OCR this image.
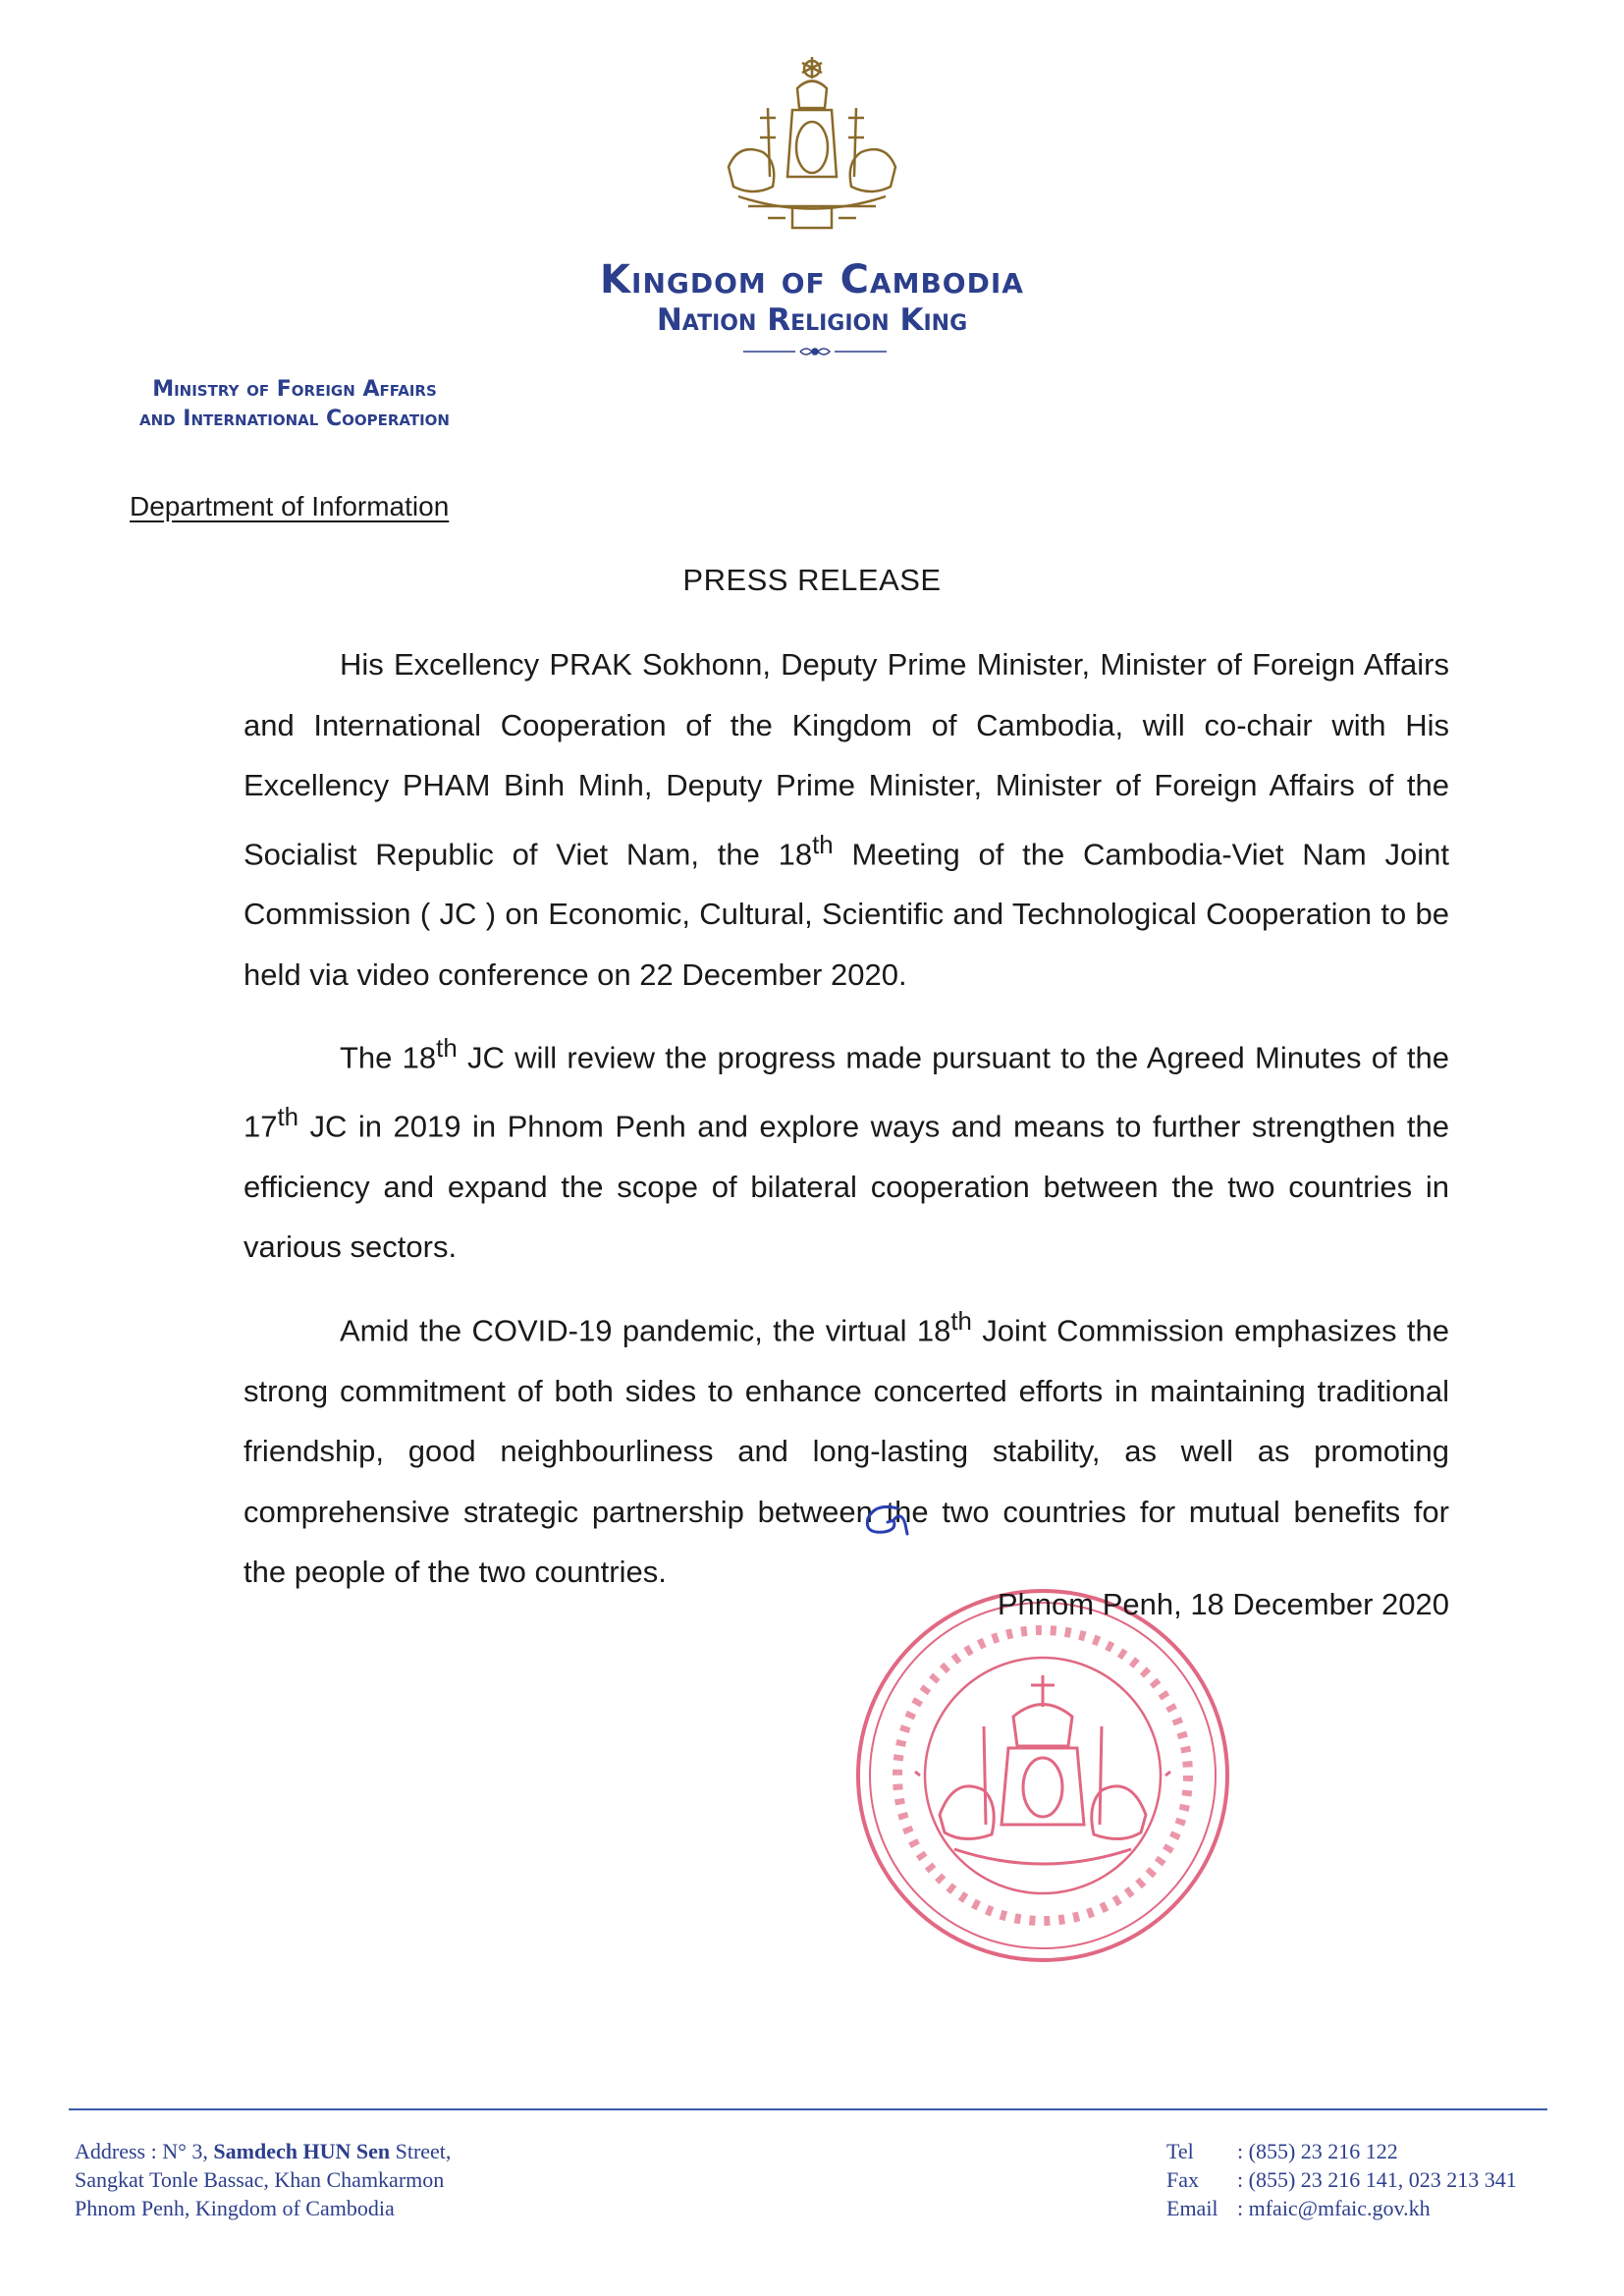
Kingdom of Cambodia
Nation Religion King
Ministry of Foreign Affairs
and International Cooperation
Department of Information
PRESS RELEASE

His Excellency PRAK Sokhonn, Deputy Prime Minister, Minister of Foreign Affairs and International Cooperation of the Kingdom of Cambodia, will co-chair with His Excellency PHAM Binh Minh, Deputy Prime Minister, Minister of Foreign Affairs of the Socialist Republic of Viet Nam, the 18th Meeting of the Cambodia-Viet Nam Joint Commission ( JC ) on Economic, Cultural, Scientific and Technological Cooperation to be held via video conference on 22 December 2020.

The 18th JC will review the progress made pursuant to the Agreed Minutes of the 17th JC in 2019 in Phnom Penh and explore ways and means to further strengthen the efficiency and expand the scope of bilateral cooperation between the two countries in various sectors.

Amid the COVID-19 pandemic, the virtual 18th Joint Commission emphasizes the strong commitment of both sides to enhance concerted efforts in maintaining traditional friendship, good neighbourliness and long-lasting stability, as well as promoting comprehensive strategic partnership between the two countries for mutual benefits for the people of the two countries.

Phnom Penh, 18 December 2020
Address : N° 3, Samdech HUN Sen Street,
Sangkat Tonle Bassac, Khan Chamkarmon
Phnom Penh, Kingdom of Cambodia
Tel	: (855) 23 216 122
Fax	: (855) 23 216 141, 023 213 341
Email : mfaic@mfaic.gov.kh
